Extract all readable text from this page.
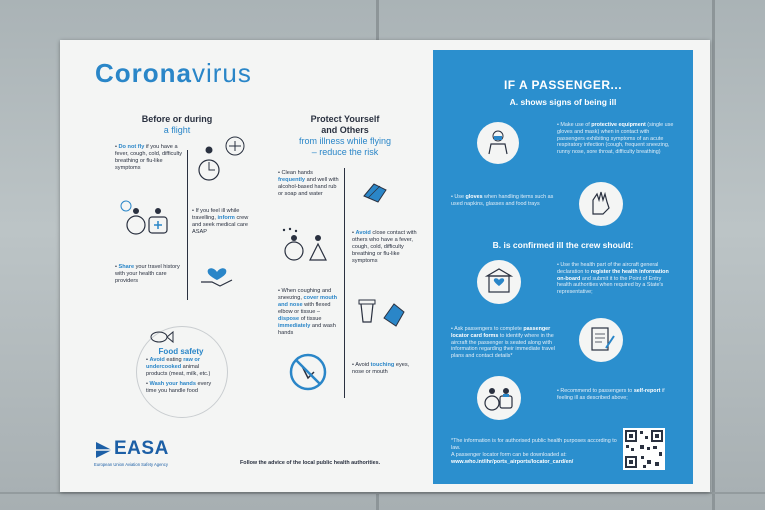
Coronavirus
Before or during
a flight
• Do not fly if you have a fever, cough, cold, difficulty breathing or flu-like symptoms
• If you feel ill while travelling, inform crew and seek medical care ASAP
• Share your travel history with your health care providers
Food safety
• Avoid eating raw or undercooked animal products (meat, milk, etc.)
• Wash your hands every time you handle food
Protect Yourself
and Others
from illness while flying
– reduce the risk
• Clean hands frequently and well with alcohol-based hand rub or soap and water
• Avoid close contact with others who have a fever, cough, cold, difficulty breathing or flu-like symptoms
• When coughing and sneezing, cover mouth and nose with flexed elbow or tissue – dispose of tissue immediately and wash hands
• Avoid touching eyes, nose or mouth
EASA
European Union Aviation Safety Agency	Follow the advice of the local public health authorities.
IF A PASSENGER...
A. shows signs of being ill
• Make use of protective equipment (single use gloves and mask) when in contact with passengers exhibiting symptoms of an acute respiratory infection (cough, frequent sneezing, runny nose, sore throat, difficulty breathing)
• Use gloves when handling items such as used napkins, glasses and food trays
B. is confirmed ill the crew should:
• Use the health part of the aircraft general declaration to register the health information on-board and submit it to the Point of Entry health authorities when required by a State's representative;
• Ask passengers to complete passenger locator card forms to identify where in the aircraft the passenger is seated along with information regarding their immediate travel plans and contact details*
• Recommend to passengers to self-report if feeling ill as described above;
*The information is for authorised public health purposes according to law.
A passenger locator form can be downloaded at:
www.who.int/ihr/ports_airports/locator_card/en/
